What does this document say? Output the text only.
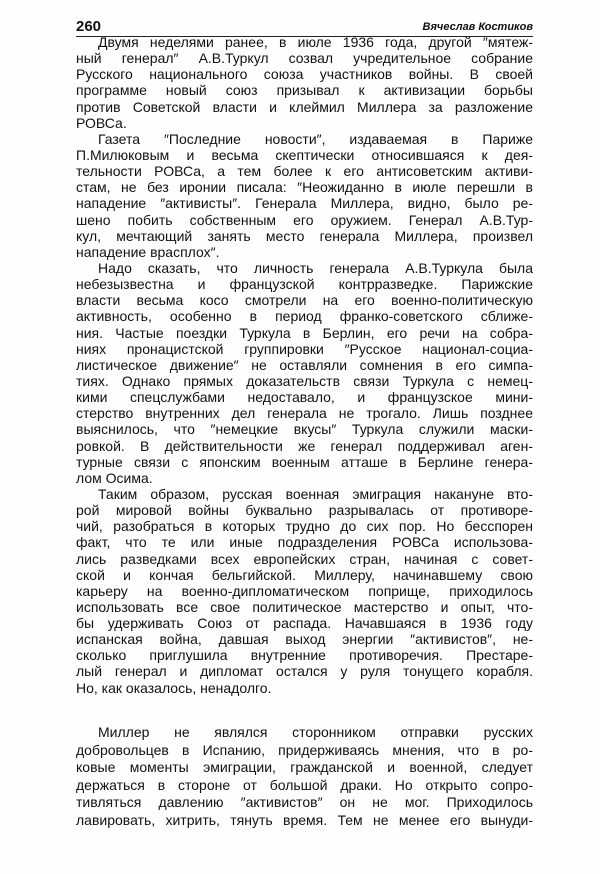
260	Вячеслав Костиков
Двумя неделями ранее, в июле 1936 года, другой ″мятеж-
ный генерал″ А.В.Туркул созвал учредительное собрание
Русского национального союза участников войны. В своей
программе новый союз призывал к активизации борьбы
против Советской власти и клеймил Миллера за разложение
РОВСа.
Газета ″Последние новости″, издаваемая в Париже
П.Милюковым и весьма скептически относившаяся к дея-
тельности РОВСа, а тем более к его антисоветским активи-
стам, не без иронии писала: ″Неожиданно в июле перешли в
нападение ″активисты″. Генерала Миллера, видно, было ре-
шено побить собственным его оружием. Генерал А.В.Тур-
кул, мечтающий занять место генерала Миллера, произвел
нападение врасплох″.
Надо сказать, что личность генерала А.В.Туркула была
небезызвестна и французской контрразведке. Парижские
власти весьма косо смотрели на его военно-политическую
активность, особенно в период франко-советского сближе-
ния. Частые поездки Туркула в Берлин, его речи на собра-
ниях пронацистской группировки ″Русское национал-социа-
листическое движение″ не оставляли сомнения в его симпа-
тиях. Однако прямых доказательств связи Туркула с немец-
кими спецслужбами недоставало, и французское мини-
стерство внутренних дел генерала не трогало. Лишь позднее
выяснилось, что ″немецкие вкусы″ Туркула служили маски-
ровкой. В действительности же генерал поддерживал аген-
турные связи с японским военным атташе в Берлине генера-
лом Осима.
Таким образом, русская военная эмиграция накануне вто-
рой мировой войны буквально разрывалась от противоре-
чий, разобраться в которых трудно до сих пор. Но бесспорен
факт, что те или иные подразделения РОВСа использова-
лись разведками всех европейских стран, начиная с совет-
ской и кончая бельгийской. Миллеру, начинавшему свою
карьеру на военно-дипломатическом поприще, приходилось
использовать все свое политическое мастерство и опыт, что-
бы удерживать Союз от распада. Начавшаяся в 1936 году
испанская война, давшая выход энергии ″активистов″, не-
сколько приглушила внутренние противоречия. Престаре-
лый генерал и дипломат остался у руля тонущего корабля.
Но, как оказалось, ненадолго.
Миллер не являлся сторонником отправки русских
добровольцев в Испанию, придерживаясь мнения, что в ро-
ковые моменты эмиграции, гражданской и военной, следует
держаться в стороне от большой драки. Но открыто сопро-
тивляться давлению ″активистов″ он не мог. Приходилось
лавировать, хитрить, тянуть время. Тем не менее его вынуди-
